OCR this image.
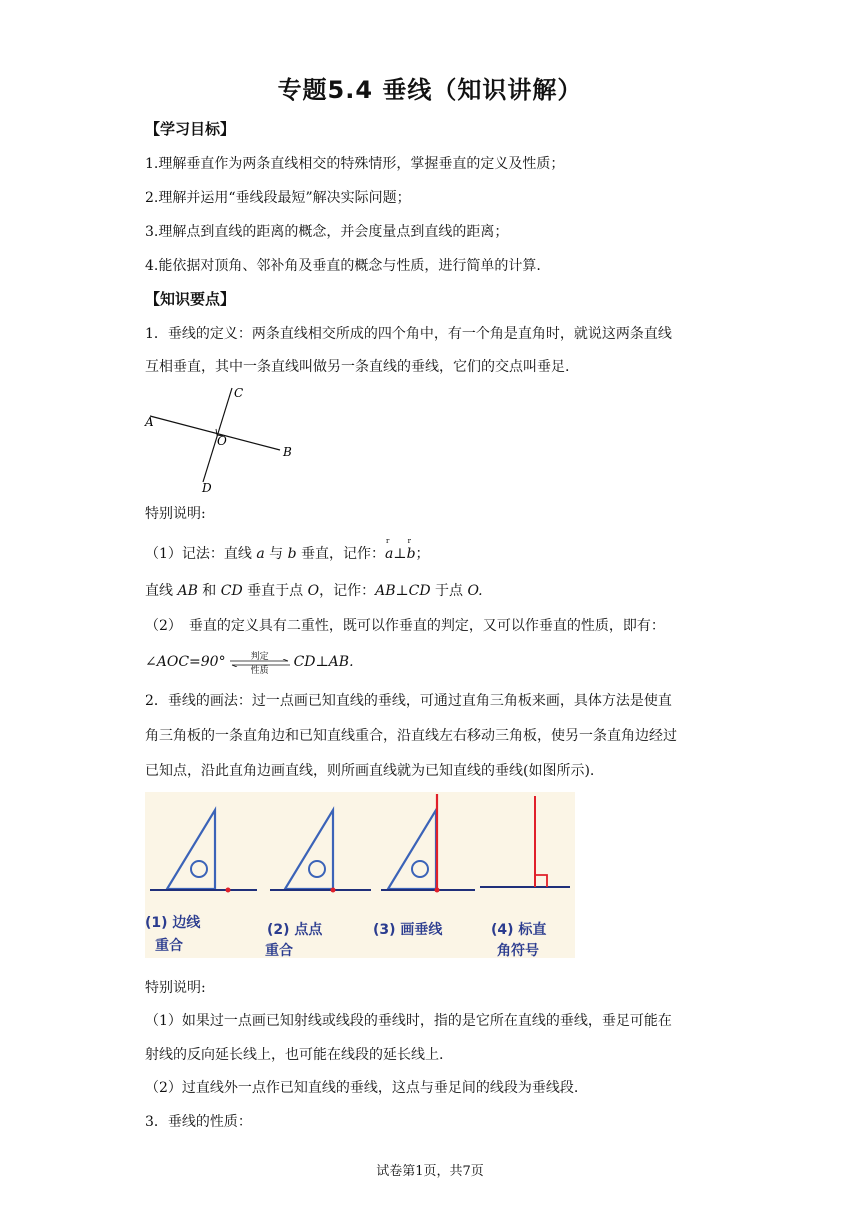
专题5.4 垂线（知识讲解）
【学习目标】
1.理解垂直作为两条直线相交的特殊情形，掌握垂直的定义及性质；
2.理解并运用“垂线段最短”解决实际问题；
3.理解点到直线的距离的概念，并会度量点到直线的距离；
4.能依据对顶角、邻补角及垂直的概念与性质，进行简单的计算.
【知识要点】
1．垂线的定义：两条直线相交所成的四个角中，有一个角是直角时，就说这两条直线
互相垂直，其中一条直线叫做另一条直线的垂线，它们的交点叫垂足.
A
B
C
D
O
特别说明:
（1）记法：直线 a 与 b 垂直，记作：
r
a⊥
r
b；
直线 AB 和 CD 垂直于点 O，记作：AB⊥CD 于点 O.
（2）　垂直的定义具有二重性，既可以作垂直的判定，又可以作垂直的性质，即有：
∠AOC=90°	判定
性质
CD⊥AB.
2．垂线的画法：过一点画已知直线的垂线，可通过直角三角板来画，具体方法是使直
角三角板的一条直角边和已知直线重合，沿直线左右移动三角板，使另一条直角边经过
已知点，沿此直角边画直线，则所画直线就为已知直线的垂线(如图所示).
(1) 边线
重合
(2) 点点
重合
(3) 画垂线	(4) 标直
角符号
特别说明:
（1）如果过一点画已知射线或线段的垂线时，指的是它所在直线的垂线，垂足可能在
射线的反向延长线上，也可能在线段的延长线上.
（2）过直线外一点作已知直线的垂线，这点与垂足间的线段为垂线段.
3．垂线的性质：
试卷第1页，共7页
